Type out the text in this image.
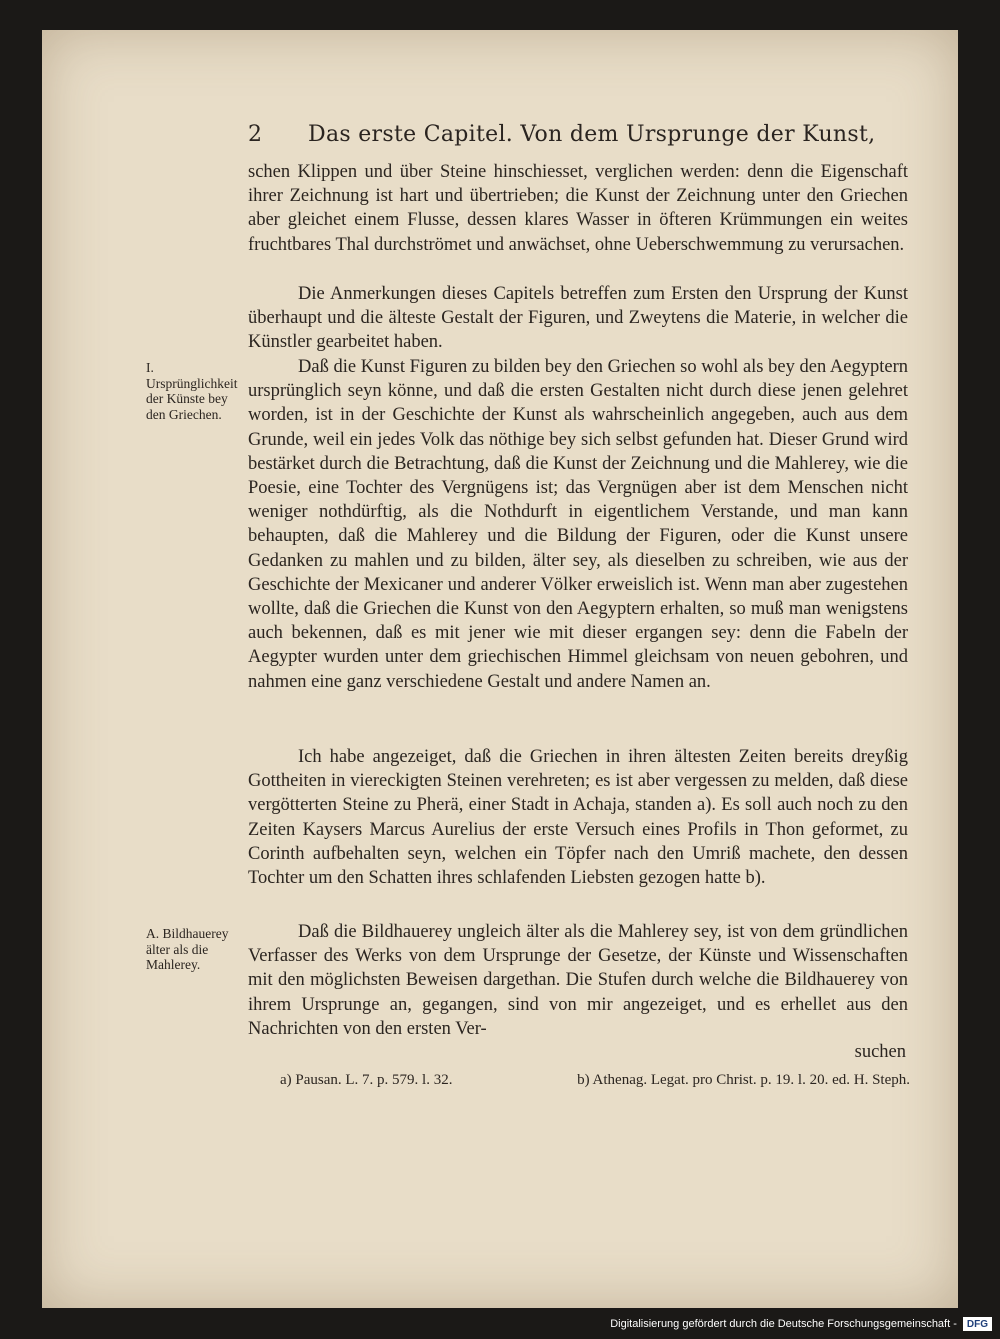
2	Das erste Capitel. Von dem Ursprunge der Kunst,

schen Klippen und über Steine hinschiesset, verglichen werden: denn die Eigenschaft ihrer Zeichnung ist hart und übertrieben; die Kunst der Zeichnung unter den Griechen aber gleichet einem Flusse, dessen klares Wasser in öfteren Krümmungen ein weites fruchtbares Thal durchströmet und anwächset, ohne Ueberschwemmung zu verursachen.

Die Anmerkungen dieses Capitels betreffen zum Ersten den Ursprung der Kunst überhaupt und die älteste Gestalt der Figuren, und Zweytens die Materie, in welcher die Künstler gearbeitet haben.

Daß die Kunst Figuren zu bilden bey den Griechen so wohl als bey den Aegyptern ursprünglich seyn könne, und daß die ersten Gestalten nicht durch diese jenen gelehret worden, ist in der Geschichte der Kunst als wahrscheinlich angegeben, auch aus dem Grunde, weil ein jedes Volk das nöthige bey sich selbst gefunden hat. Dieser Grund wird bestärket durch die Betrachtung, daß die Kunst der Zeichnung und die Mahlerey, wie die Poesie, eine Tochter des Vergnügens ist; das Vergnügen aber ist dem Menschen nicht weniger nothdürftig, als die Nothdurft in eigentlichem Verstande, und man kann behaupten, daß die Mahlerey und die Bildung der Figuren, oder die Kunst unsere Gedanken zu mahlen und zu bilden, älter sey, als dieselben zu schreiben, wie aus der Geschichte der Mexicaner und anderer Völker erweislich ist. Wenn man aber zugestehen wollte, daß die Griechen die Kunst von den Aegyptern erhalten, so muß man wenigstens auch bekennen, daß es mit jener wie mit dieser ergangen sey: denn die Fabeln der Aegypter wurden unter dem griechischen Himmel gleichsam von neuen gebohren, und nahmen eine ganz verschiedene Gestalt und andere Namen an.

Ich habe angezeiget, daß die Griechen in ihren ältesten Zeiten bereits dreyßig Gottheiten in viereckigten Steinen verehreten; es ist aber vergessen zu melden, daß diese vergötterten Steine zu Pherä, einer Stadt in Achaja, standen a). Es soll auch noch zu den Zeiten Kaysers Marcus Aurelius der erste Versuch eines Profils in Thon geformet, zu Corinth aufbehalten seyn, welchen ein Töpfer nach den Umriß machete, den dessen Tochter um den Schatten ihres schlafenden Liebsten gezogen hatte b).

Daß die Bildhauerey ungleich älter als die Mahlerey sey, ist von dem gründlichen Verfasser des Werks von dem Ursprunge der Gesetze, der Künste und Wissenschaften mit den möglichsten Beweisen dargethan. Die Stufen durch welche die Bildhauerey von ihrem Ursprunge an, gegangen, sind von mir angezeiget, und es erhellet aus den Nachrichten von den ersten Ver-

I. Ursprünglichkeit der Künste bey den Griechen.
A. Bildhauerey älter als die Mahlerey.
suchen
a) Pausan. L. 7. p. 579. l. 32.	b) Athenag. Legat. pro Christ. p. 19. l. 20. ed. H. Steph.
Digitalisierung gefördert durch die Deutsche Forschungsgemeinschaft -	DFG
